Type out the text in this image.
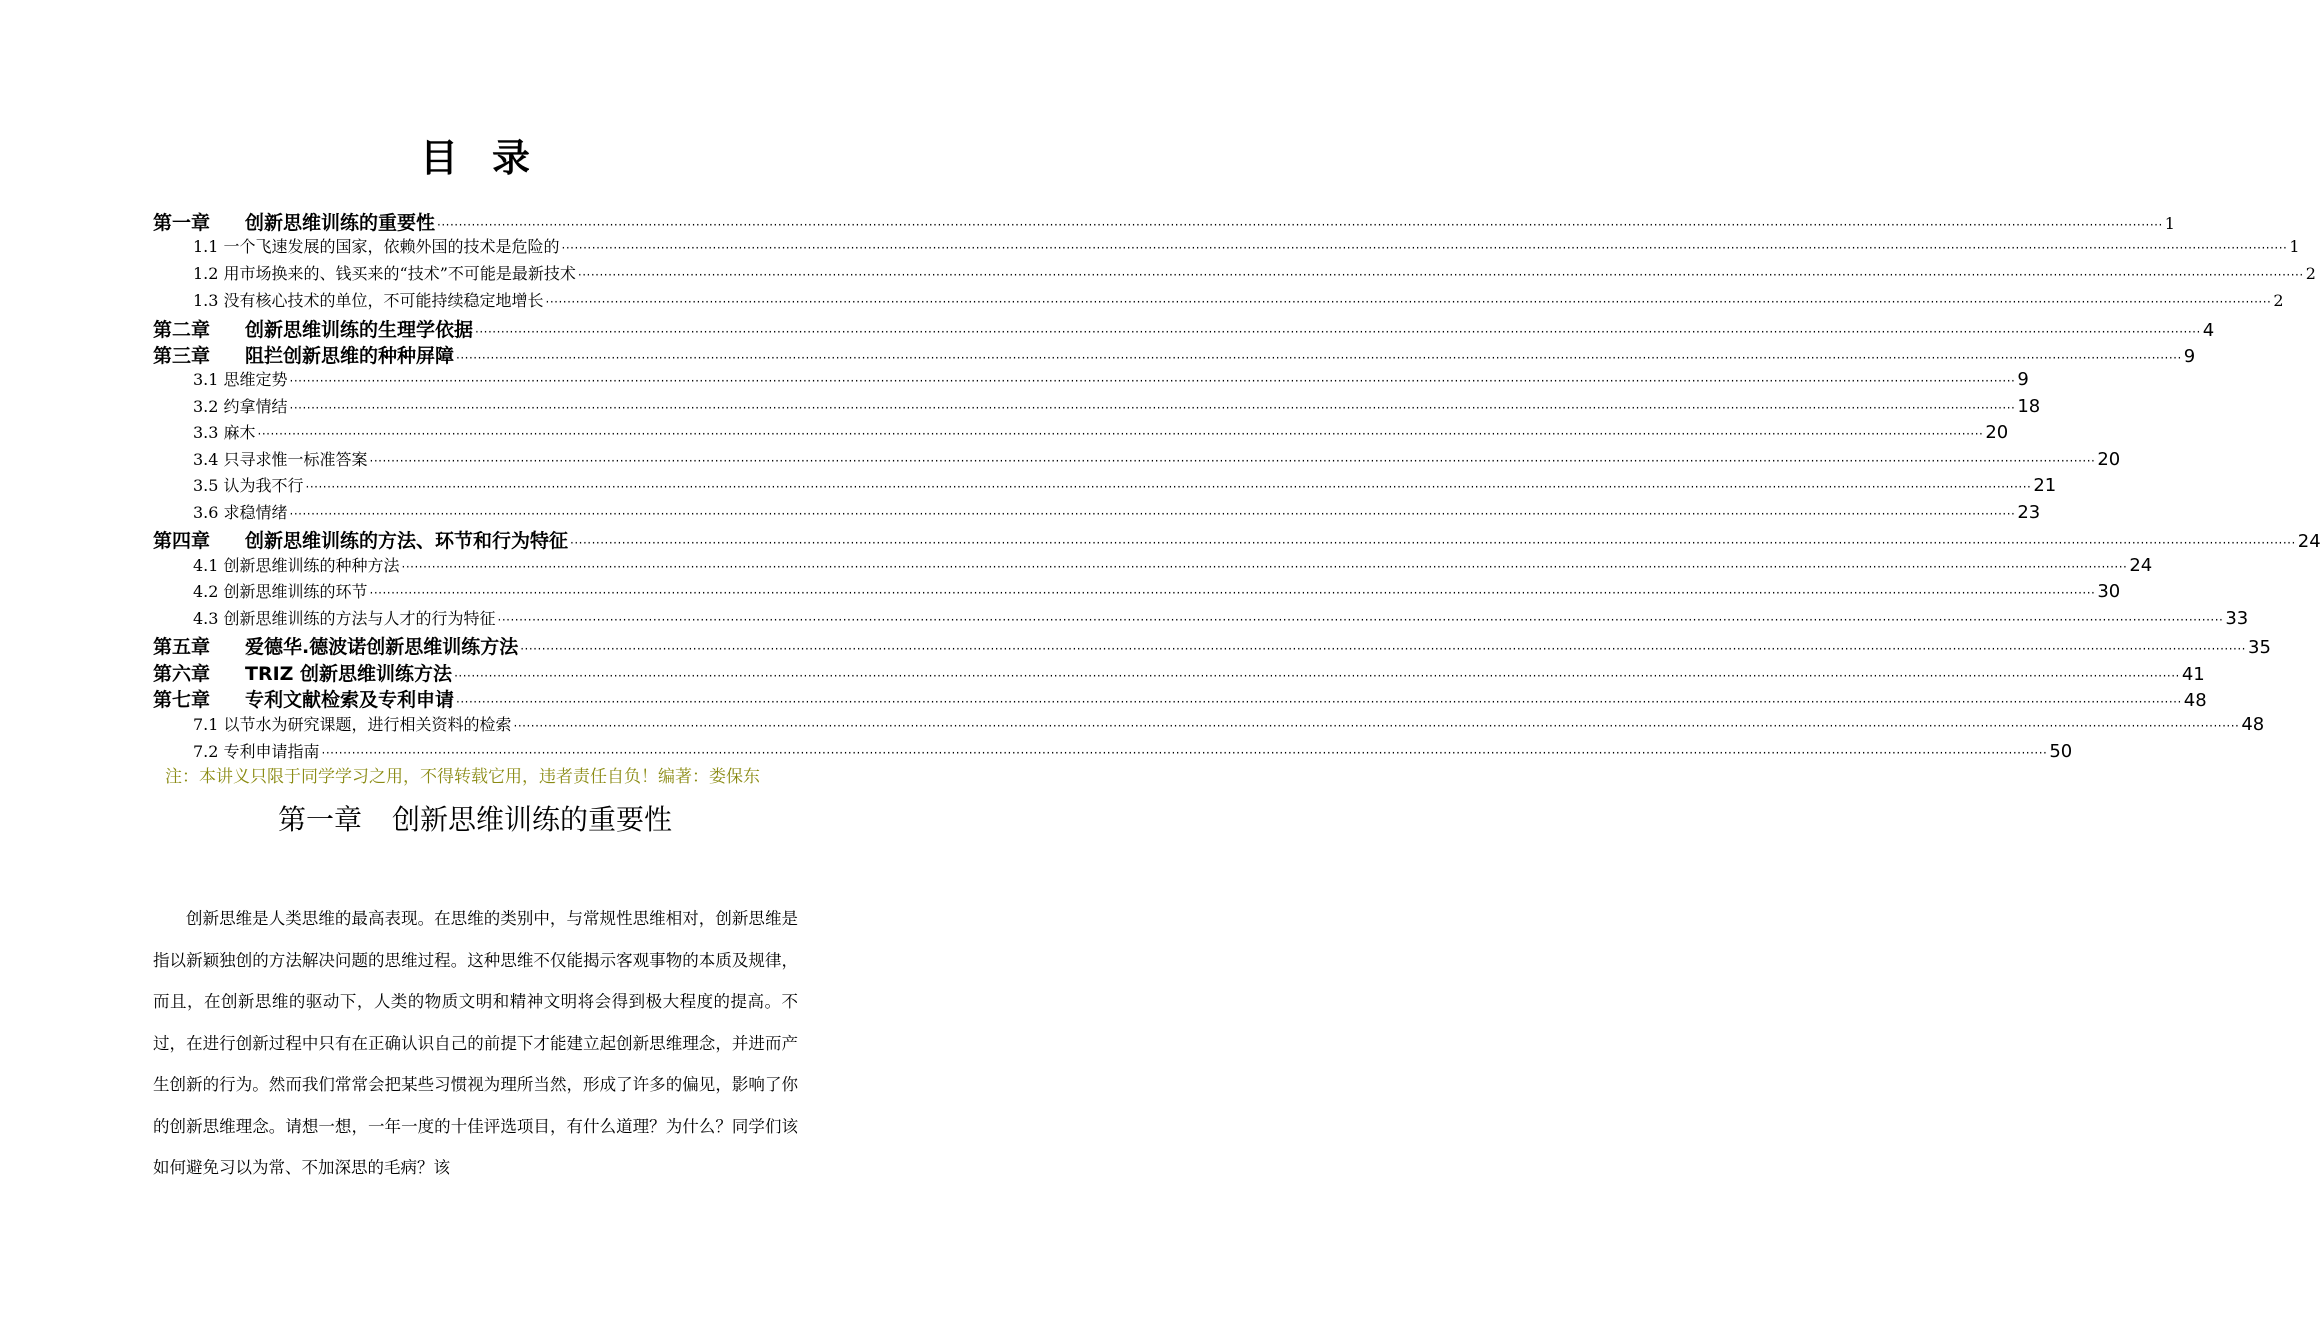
目录
第一章	创新思维训练的重要性 ················································································································································································································································································································································································································ 1
1.1 一个飞速发展的国家，依赖外国的技术是危险的 ················································································································································································································································································································································································································ 1
1.2 用市场换来的、钱买来的“技术”不可能是最新技术 ················································································································································································································································································································································································································ 2
1.3 没有核心技术的单位，不可能持续稳定地增长 ················································································································································································································································································································································································································ 2
第二章	创新思维训练的生理学依据 ················································································································································································································································································································································································································ 4
第三章	阻拦创新思维的种种屏障 ················································································································································································································································································································································································································ 9
3.1 思维定势 ················································································································································································································································································································································································································ 9
3.2 约拿情结 ················································································································································································································································································································································································································ 18
3.3 麻木 ················································································································································································································································································································································································································ 20
3.4 只寻求惟一标准答案 ················································································································································································································································································································································································································ 20
3.5 认为我不行 ················································································································································································································································································································································································································ 21
3.6 求稳情绪 ················································································································································································································································································································································································································ 23
第四章	创新思维训练的方法、环节和行为特征 ················································································································································································································································································································································································································ 24
4.1 创新思维训练的种种方法 ················································································································································································································································································································································································································ 24
4.2 创新思维训练的环节 ················································································································································································································································································································································································································ 30
4.3 创新思维训练的方法与人才的行为特征 ················································································································································································································································································································································································································ 33
第五章	爱德华.德波诺创新思维训练方法 ················································································································································································································································································································································································································ 35
第六章	TRIZ 创新思维训练方法 ················································································································································································································································································································································································································ 41
第七章	专利文献检索及专利申请 ················································································································································································································································································································································································································ 48
7.1 以节水为研究课题，进行相关资料的检索 ················································································································································································································································································································································································································ 48
7.2 专利申请指南 ················································································································································································································································································································································································································ 50
注：本讲义只限于同学学习之用，不得转载它用，违者责任自负！编著：娄保东
第一章 创新思维训练的重要性

创新思维是人类思维的最高表现。在思维的类别中，与常规性思维相对，创新思维是指以新颖独创的方法解决问题的思维过程。这种思维不仅能揭示客观事物的本质及规律，而且，在创新思维的驱动下，人类的物质文明和精神文明将会得到极大程度的提高。不过，在进行创新过程中只有在正确认识自己的前提下才能建立起创新思维理念，并进而产生创新的行为。然而我们常常会把某些习惯视为理所当然，形成了许多的偏见，影响了你的创新思维理念。请想一想，一年一度的十佳评选项目，有什么道理？为什么？同学们该如何避免习以为常、不加深思的毛病？该
